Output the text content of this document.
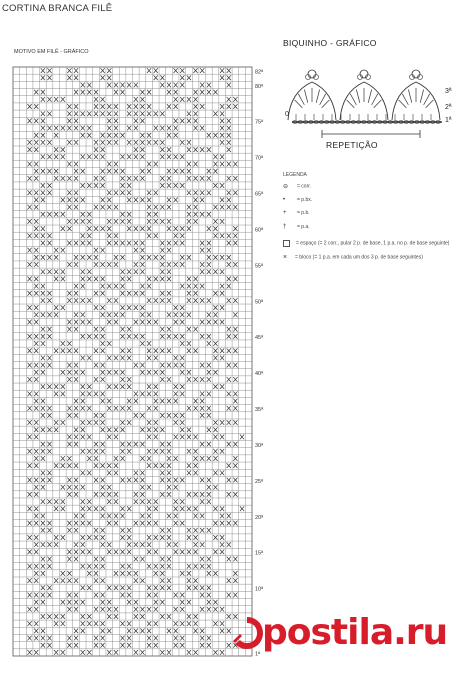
CORTINA BRANCA FILÊ
MOTIVO EM FILÊ - GRÁFICO
82ª
80ª
75ª
70ª
65ª
60ª
55ª
50ª
45ª
40ª
35ª
30ª
25ª
20ª
15ª
10ª
1ª
BIQUINHO - GRÁFICO
0
3ª
2ª
1ª
REPETIÇÃO
LEGENDA
⊖ = corr.
• = p.bx.
+ = p.b.
† = p.a.
= espaço (= 2 corr., pular 2 p. de base, 1 p.a. no p. de base seguinte)
× = bloco (= 1 p.a. em cada um dos 3 p. de base seguintes)
postila.ru
